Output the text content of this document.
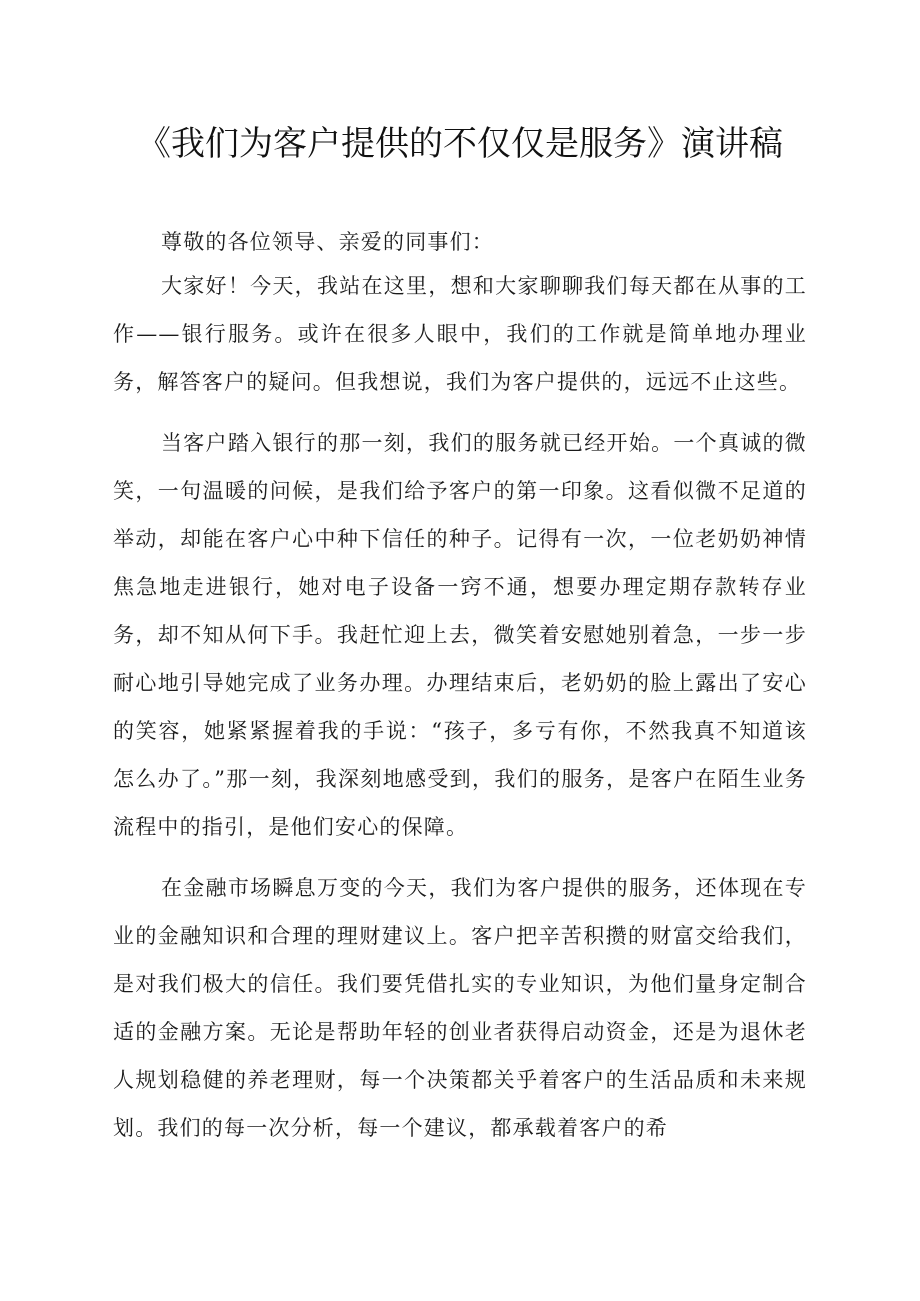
《我们为客户提供的不仅仅是服务》演讲稿

尊敬的各位领导、亲爱的同事们：

大家好！今天，我站在这里，想和大家聊聊我们每天都在从事的工作——银行服务。或许在很多人眼中，我们的工作就是简单地办理业务，解答客户的疑问。但我想说，我们为客户提供的，远远不止这些。

当客户踏入银行的那一刻，我们的服务就已经开始。一个真诚的微笑，一句温暖的问候，是我们给予客户的第一印象。这看似微不足道的举动，却能在客户心中种下信任的种子。记得有一次，一位老奶奶神情焦急地走进银行，她对电子设备一窍不通，想要办理定期存款转存业务，却不知从何下手。我赶忙迎上去，微笑着安慰她别着急，一步一步耐心地引导她完成了业务办理。办理结束后，老奶奶的脸上露出了安心的笑容，她紧紧握着我的手说：“孩子，多亏有你，不然我真不知道该怎么办了。”那一刻，我深刻地感受到，我们的服务，是客户在陌生业务流程中的指引，是他们安心的保障。

在金融市场瞬息万变的今天，我们为客户提供的服务，还体现在专业的金融知识和合理的理财建议上。客户把辛苦积攒的财富交给我们，是对我们极大的信任。我们要凭借扎实的专业知识，为他们量身定制合适的金融方案。无论是帮助年轻的创业者获得启动资金，还是为退休老人规划稳健的养老理财，每一个决策都关乎着客户的生活品质和未来规划。我们的每一次分析，每一个建议，都承载着客户的希
